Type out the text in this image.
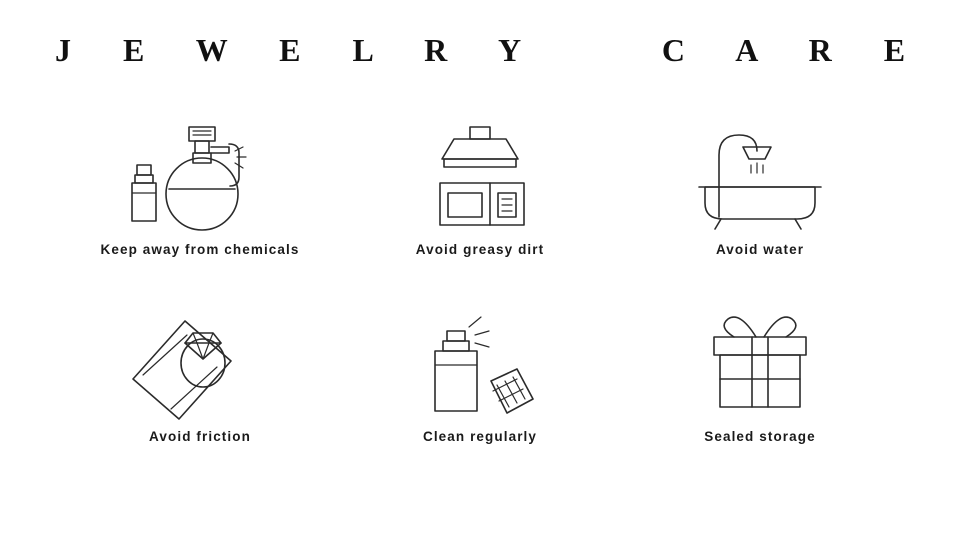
J E W E L R Y    C A R E
Keep away from chemicals	Avoid greasy dirt	Avoid water
Avoid friction	Clean regularly	Sealed storage
